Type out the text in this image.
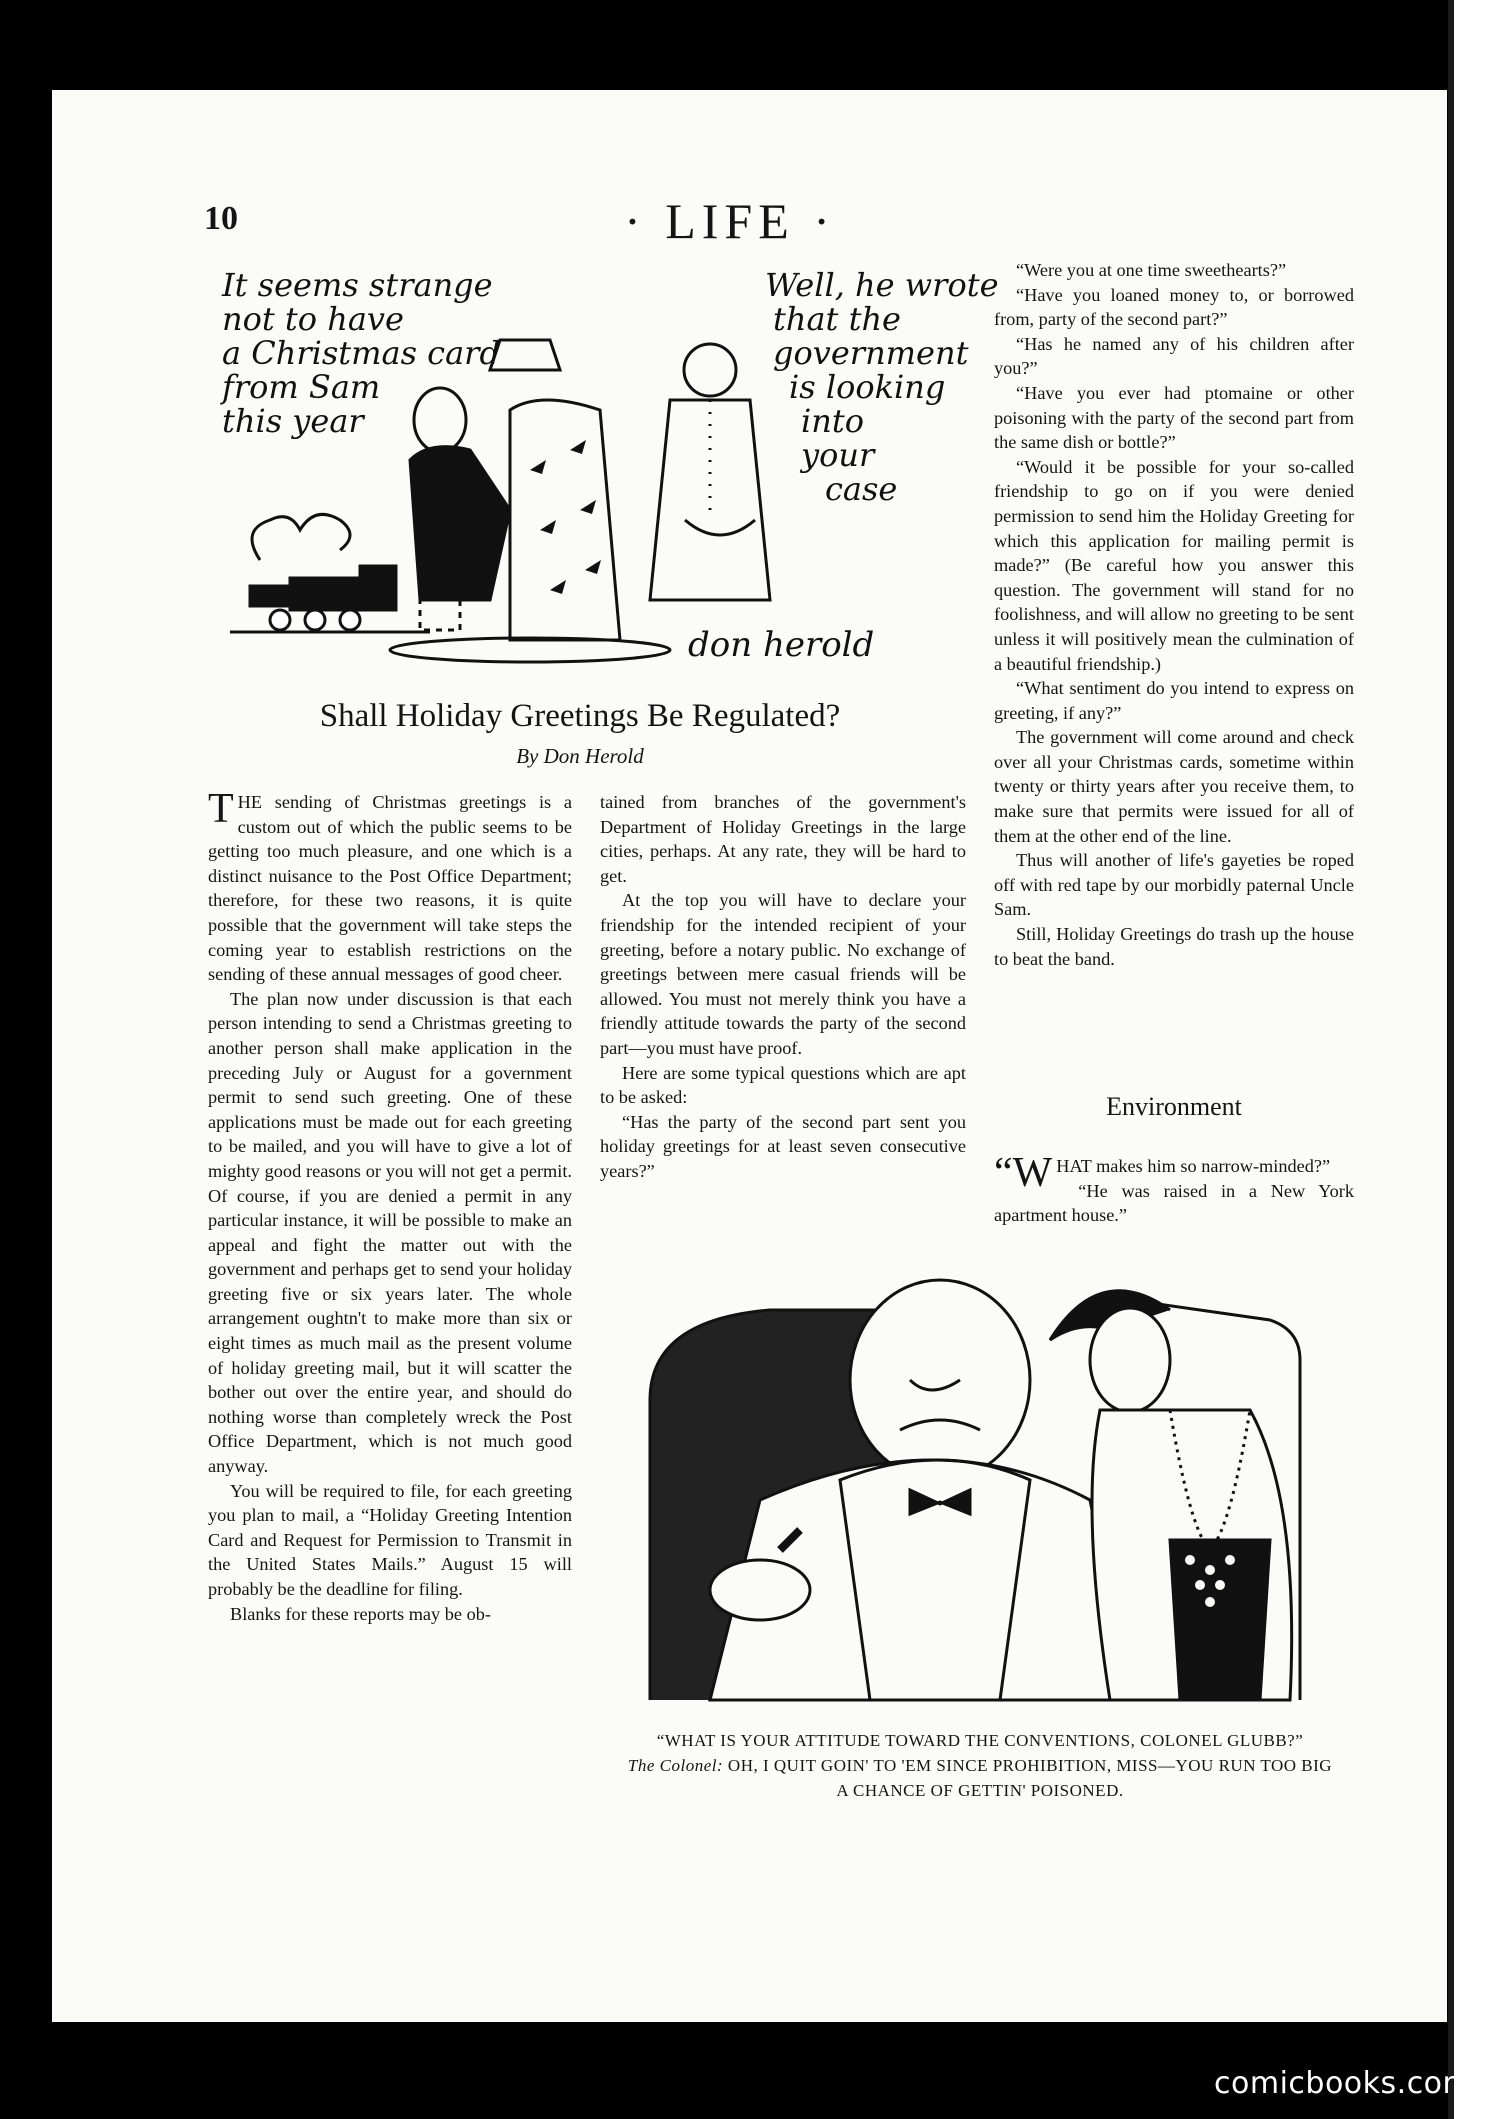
10	· LIFE ·
It seems strange
not to have
a Christmas card
from Sam
this year
Well, he wrote
that the
government
is looking
into
your
case
don herold
Shall Holiday Greetings Be Regulated?
By Don Herold

THE sending of Christmas greetings is a custom out of which the public seems to be getting too much pleasure, and one which is a distinct nuisance to the Post Office Department; therefore, for these two reasons, it is quite possible that the government will take steps the coming year to establish restrictions on the sending of these annual messages of good cheer.

The plan now under discussion is that each person intending to send a Christmas greeting to another person shall make application in the preceding July or August for a government permit to send such greeting. One of these applications must be made out for each greeting to be mailed, and you will have to give a lot of mighty good reasons or you will not get a permit. Of course, if you are denied a permit in any particular instance, it will be possible to make an appeal and fight the matter out with the government and perhaps get to send your holiday greeting five or six years later. The whole arrangement oughtn't to make more than six or eight times as much mail as the present volume of holiday greeting mail, but it will scatter the bother out over the entire year, and should do nothing worse than completely wreck the Post Office Department, which is not much good anyway.

You will be required to file, for each greeting you plan to mail, a “Holiday Greeting Intention Card and Request for Permission to Transmit in the United States Mails.” August 15 will probably be the deadline for filing.

Blanks for these reports may be ob-

tained from branches of the government's Department of Holiday Greetings in the large cities, perhaps. At any rate, they will be hard to get.

At the top you will have to declare your friendship for the intended recipient of your greeting, before a notary public. No exchange of greetings between mere casual friends will be allowed. You must not merely think you have a friendly attitude towards the party of the second part—you must have proof.

Here are some typical questions which are apt to be asked:

“Has the party of the second part sent you holiday greetings for at least seven consecutive years?”

“Were you at one time sweethearts?”

“Have you loaned money to, or borrowed from, party of the second part?”

“Has he named any of his children after you?”

“Have you ever had ptomaine or other poisoning with the party of the second part from the same dish or bottle?”

“Would it be possible for your so-called friendship to go on if you were denied permission to send him the Holiday Greeting for which this application for mailing permit is made?” (Be careful how you answer this question. The government will stand for no foolishness, and will allow no greeting to be sent unless it will positively mean the culmination of a beautiful friendship.)

“What sentiment do you intend to express on greeting, if any?”

The government will come around and check over all your Christmas cards, sometime within twenty or thirty years after you receive them, to make sure that permits were issued for all of them at the other end of the line.

Thus will another of life's gayeties be roped off with red tape by our morbidly paternal Uncle Sam.

Still, Holiday Greetings do trash up the house to beat the band.

Environment

“WHAT makes him so narrow-minded?”

“He was raised in a New York apartment house.”

“WHAT IS YOUR ATTITUDE TOWARD THE CONVENTIONS, COLONEL GLUBB?”
The Colonel: OH, I QUIT GOIN' TO 'EM SINCE PROHIBITION, MISS—YOU RUN TOO BIG
A CHANCE OF GETTIN' POISONED.
comicbooks.com
